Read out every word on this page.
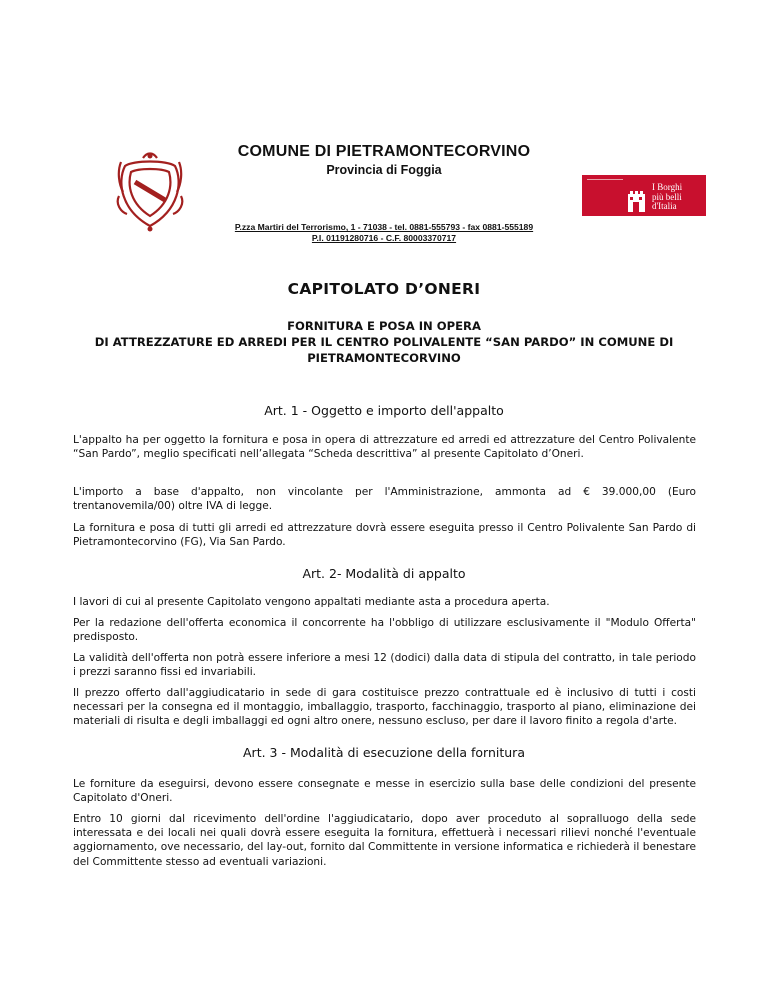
COMUNE DI PIETRAMONTECORVINO
Provincia di Foggia
I Borghi
più belli
d'Italia
P.zza Martiri del Terrorismo, 1 - 71038 - tel. 0881-555793 - fax 0881-555189
P.I. 01191280716 - C.F. 80003370717
CAPITOLATO D’ONERI
FORNITURA E POSA IN OPERA
DI ATTREZZATURE ED ARREDI PER IL CENTRO POLIVALENTE “SAN PARDO” IN COMUNE DI
PIETRAMONTECORVINO
Art. 1 - Oggetto e importo dell'appalto

L'appalto ha per oggetto la fornitura e posa in opera di attrezzature ed arredi ed attrezzature del Centro Polivalente “San Pardo”, meglio specificati nell’allegata “Scheda descrittiva” al presente Capitolato d’Oneri.

L'importo a base d'appalto, non vincolante per l'Amministrazione, ammonta ad € 39.000,00 (Euro trentanovemila/00) oltre IVA di legge.

La fornitura e posa di tutti gli arredi ed attrezzature dovrà essere eseguita presso il Centro Polivalente San Pardo di Pietramontecorvino (FG), Via San Pardo.

Art. 2- Modalità di appalto

I lavori di cui al presente Capitolato vengono appaltati mediante asta a procedura aperta.

Per la redazione dell'offerta economica il concorrente ha l'obbligo di utilizzare esclusivamente il "Modulo Offerta" predisposto.

La validità dell'offerta non potrà essere inferiore a mesi 12 (dodici) dalla data di stipula del contratto, in tale periodo i prezzi saranno fissi ed invariabili.

Il prezzo offerto dall'aggiudicatario in sede di gara costituisce prezzo contrattuale ed è inclusivo di tutti i costi necessari per la consegna ed il montaggio, imballaggio, trasporto, facchinaggio, trasporto al piano, eliminazione dei materiali di risulta e degli imballaggi ed ogni altro onere, nessuno escluso, per dare il lavoro finito a regola d'arte.

Art. 3 - Modalità di esecuzione della fornitura

Le forniture da eseguirsi, devono essere consegnate e messe in esercizio sulla base delle condizioni del presente Capitolato d'Oneri.

Entro 10 giorni dal ricevimento dell'ordine l'aggiudicatario, dopo aver proceduto al sopralluogo della sede interessata e dei locali nei quali dovrà essere eseguita la fornitura, effettuerà i necessari rilievi nonché l'eventuale aggiornamento, ove necessario, del lay-out, fornito dal Committente in versione informatica e richiederà il benestare del Committente stesso ad eventuali variazioni.
